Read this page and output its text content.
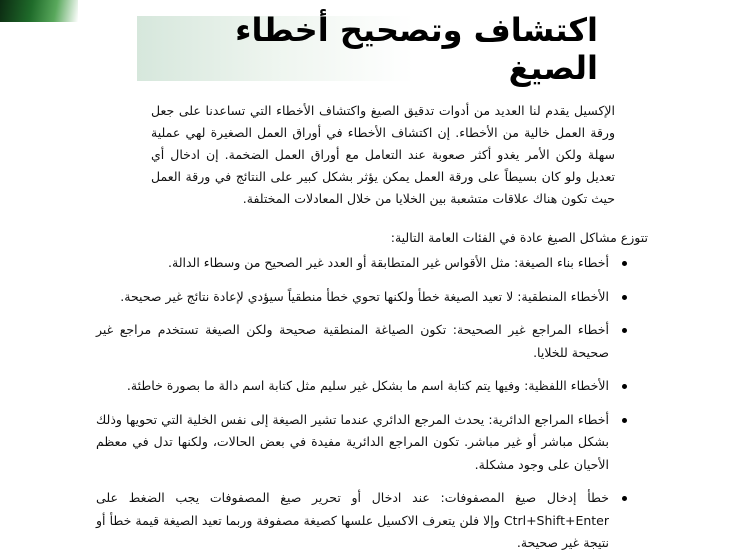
اكتشاف وتصحيح أخطاء الصيغ

الإكسيل يقدم لنا العديد من أدوات تدقيق الصيغ واكتشاف الأخطاء التي تساعدنا على جعل ورقة العمل خالية من الأخطاء. إن اكتشاف الأخطاء في أوراق العمل الصغيرة لهي عملية سهلة ولكن الأمر يغدو أكثر صعوبة عند التعامل مع أوراق العمل الضخمة. إن ادخال أي تعديل ولو كان بسيطاً على ورقة العمل يمكن يؤثر بشكل كبير على النتائج في ورقة العمل حيث تكون هناك علاقات متشعبة بين الخلايا من خلال المعادلات المختلفة.

تتوزع مشاكل الصيغ عادة في الفئات العامة التالية:

أخطاء بناء الصيغة: مثل الأقواس غير المتطابقة أو العدد غير الصحيح من وسطاء الدالة.
الأخطاء المنطقية: لا تعيد الصيغة خطأ ولكنها تحوي خطأ منطقياً سيؤدي لإعادة نتائج غير صحيحة.
أخطاء المراجع غير الصحيحة: تكون الصياغة المنطقية صحيحة ولكن الصيغة تستخدم مراجع غير صحيحة للخلايا.
الأخطاء اللفظية: وفيها يتم كتابة اسم ما بشكل غير سليم مثل كتابة اسم دالة ما بصورة خاطئة.
أخطاء المراجع الدائرية: يحدث المرجع الدائري عندما تشير الصيغة إلى نفس الخلية التي تحويها وذلك بشكل مباشر أو غير مباشر. تكون المراجع الدائرية مفيدة في بعض الحالات، ولكنها تدل في معظم الأحيان على وجود مشكلة.
خطأ إدخال صيغ المصفوفات: عند ادخال أو تحرير صيغ المصفوفات يجب الضغط على Ctrl+Shift+Enter وإلا فلن يتعرف الاكسيل علسها كصيغة مصفوفة وربما تعيد الصيغة قيمة خطأ أو نتيجة غير صحيحة.
